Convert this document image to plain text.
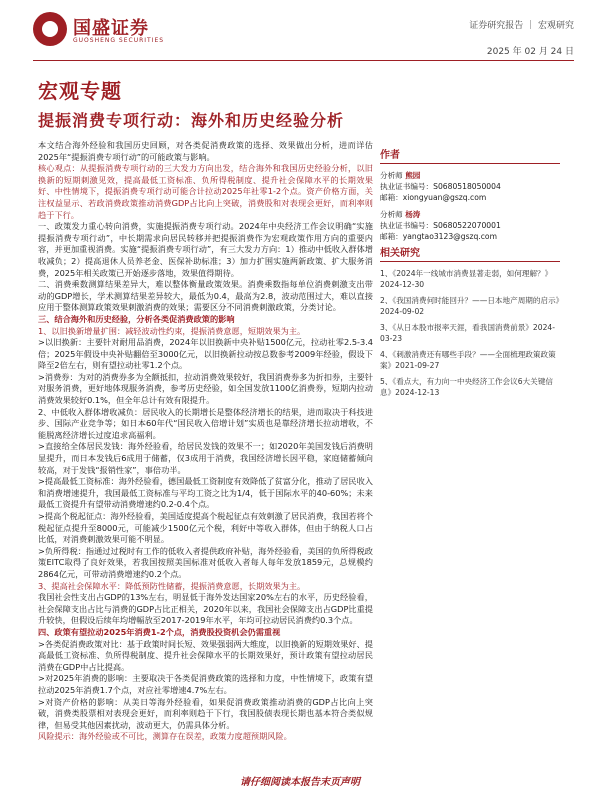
国盛证券
GUOSHENG SECURITIES
证券研究报告 ｜ 宏观研究
2025 年 02 月 24 日
宏观专题
提振消费专项行动：海外和历史经验分析

本文结合海外经验和我国历史回顾，对各类促消费政策的选择、效果做出分析，进而详估2025年“提振消费专项行动”的可能政策与影响。

核心观点：从提振消费专项行动的三大发力方向出发，结合海外和我国历史经验分析，以旧换新的短期刺激见效，提高最低工资标准、负所得税制度、提升社会保障水平的长期效果好、中性情境下，提振消费专项行动可能合计拉动2025年社零1-2个点。资产价格方面，关注权益显示、若政消费政策推动消费GDP占比向上突破，消费股和对表现会更好，而利率则趋于下行。

一、政策发力重心转向消费，实施提振消费专项行动。2024年中央经济工作会议明确“实施提振消费专项行动”，中长期需求向居民转移并把提振消费作为宏观政策作用方向的重要内容，并更加重视消费。实施“提振消费专项行动”，有三大发力方向：1）推动中低收入群体增收减负；2）提高退休人员养老金、医保补助标准；3）加力扩围实施两新政策、扩大服务消费，2025年相关政策已开始逐步落地，效果值得期待。

二、消费乘数测算结果差异大，难以整体衡量政策效果。消费乘数指每单位消费刺激支出带动的GDP增长，学术测算结果差异较大，最低为0.4，最高为2.8，波动范围过大，难以直接应用于整体测算政策效果刺激消费的效果；需要区分不同消费刺激政策，分类讨论。

三、结合海外和历史经验，分析各类促消费政策的影响

1、以旧换新增量扩围：减轻波动性约束，提振消费意愿，短期效果为主。

>以旧换新：主要针对耐用品消费，2024年以旧换新中央补贴1500亿元，拉动社零2.5-3.4倍；2025年假设中央补贴翻倍至3000亿元，以旧换新拉动按总数参考2009年经验，假设下降至2倍左右，则有望拉动社零1.2个点。

>消费券：为对的消费券多为全额抵扣，拉动消费效果较好，我国消费券多为折扣券，主要针对服务消费，更好地体现服务消费，参考历史经验，如全国发放1100亿消费券，短期内拉动消费效果较好0.1%，但全年总计有效有限提升。

2、中低收入群体增收减负：居民收入的长期增长是整体经济增长的结果，进而取决于科技进步、国际产业竞争等；如日本60年代“国民收入倍增计划”实质也是靠经济增长拉动增收，不能脱离经济增长过度追求高福利。

>直接给全体居民发钱：海外经验看，给居民发钱的效果不一；如2020年美国发钱后消费明显提升，而日本发钱后6成用于储蓄，仅3成用于消费，我国经济增长因平稳，家庭储蓄倾向较高，对于发钱“报销性家”，事倍功半。

>提高最低工资标准：海外经验看，德国最低工资制度有效降低了贫富分化，推动了居民收入和消费增速提升，我国最低工资标准与平均工资之比为1/4，低于国际水平的40-60%；未来最低工资提升有望带动消费增速约0.2-0.4个点。

>提高个税起征点：海外经验看，美国适度提高个税起征点有效刺激了居民消费，我国若将个税起征点提升至8000元，可能减少1500亿元个税，利好中等收入群体，但由于纳税人口占比低，对消费刺激效果可能不明显。

>负所得税：指通过过税时有工作的低收入者提供政府补贴，海外经验看，美国的负所得税政策EITC取得了良好效果，若我国按照美国标准对低收入者每人每年发放1859元，总规模约2864亿元，可带动消费增速约0.2个点。

3、提高社会保障水平：降低预防性储蓄，提振消费意愿，长期效果为主。

我国社会性支出占GDP的13%左右，明显低于海外发达国家20%左右的水平，历史经验看，社会保障支出占比与消费的GDP占比正相关，2020年以来，我国社会保障支出占GDP比重提升较快，但假设后续年均增幅放至2017-2019年水平，年均可拉动居民消费约0.3个点。

四、政策有望拉动2025年消费1-2个点，消费股投资机会仍需重视

>各类促消费政策对比：基于政策时间长短、效果强弱两大维度，以旧换新的短期效果好、提高最低工资标准、负所得税制度、提升社会保障水平的长期效果好，预计政策有望拉动居民消费在GDP中占比提高。

>对2025年消费的影响：主要取决于各类促消费政策的选择和力度，中性情境下，政策有望拉动2025年消费1.7个点，对应社零增速4.7%左右。

>对资产价格的影响：从美日等海外经验看，如果促消费政策推动消费的GDP占比向上突破，消费类股票相对表现会更好，而利率则趋于下行，我国股债表现长期也基本符合类似规律，但易受其他因素扰动，波动更大，仍需具体分析。

风险提示：海外经验或不可比，测算存在误差，政策力度超预期风险。

作者

分析师 熊园

执业证书编号：S0680518050004

邮箱：xiongyuan@gszq.com

分析师 杨涛

执业证书编号：S0680522070001

邮箱：yangtao3123@gszq.com

相关研究

1、《2024年一线城市消费显著走弱，如何理解？》2024-12-30

2、《我国消费何时能回升？——日本地产周期的启示》2024-09-02

3、《从日本股市报率天涯，看我国消费前景》2024-03-23

4、《刺激消费还有哪些手段？——全面梳理政策政策案》2021-09-27

5、《看点大，有力向一中央经济工作会议6大关键信息》2024-12-13

请仔细阅读本报告末页声明
